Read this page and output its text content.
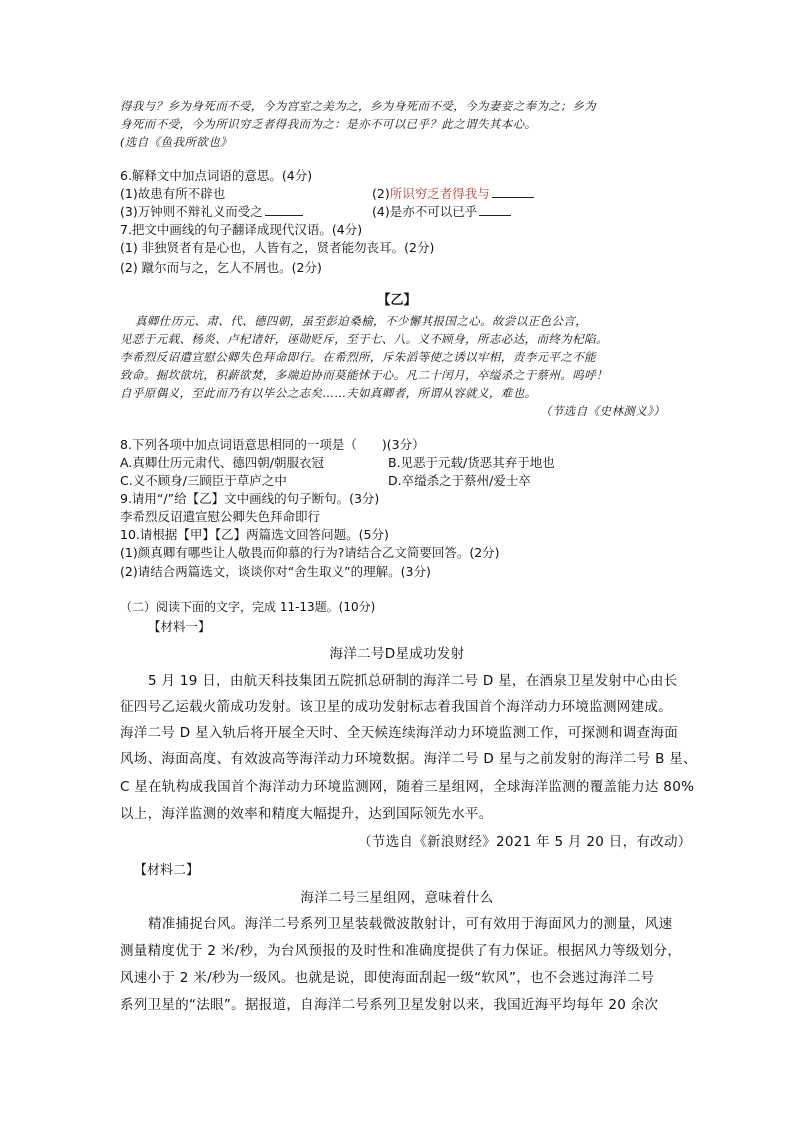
得我与？乡为身死而不受，今为宫室之美为之，乡为身死而不受，今为妻妾之奉为之；乡为
身死而不受，今为所识穷乏者得我而为之：是亦不可以已乎？此之谓失其本心。
(选自《鱼我所欲也》
6.解释文中加点词语的意思。(4分)
(1)故患有所不辟也	(2)所识穷乏者得我与
(3)万钟则不辩礼义而受之	(4)是亦不可以已乎
7.把文中画线的句子翻译成现代汉语。(4分)
(1) 非独贤者有是心也，人皆有之，贤者能勿丧耳。(2分)
(2) 蹴尔而与之，乞人不屑也。(2分)
【乙】
真卿仕历元、肃、代、德四朝，虽至彭迫桑榆，不少懈其报国之心。故尝以正色公言，
见恶于元载、杨炎、卢杞诸奸，诬勋贬斥，至于七、八。义不顾身，所志必达，而终为杞陷。
李希烈反诏遣宣慰公卿失色拜命即行。在希烈所，斥朱滔等使之诱以牢相，责李元平之不能
致命。掘坎欲坑，积薪欲焚，多端迫协而莫能怵于心。凡二十闰月，卒缢杀之于蔡州。呜呼！
自乎原偶义，至此而乃有以毕公之志矣……夫如真卿者，所谓从容就义，难也。
（节选自《史林测义》）
8.下列各项中加点词语意思相同的一项是（　　)(3分）
A.真卿仕历元肃代、德四朝/朝服衣冠	B.见恶于元载/货恶其弃于地也
C.义不顾身/三顾臣于草庐之中	D.卒缢杀之于蔡州/爱士卒
9.请用“/”给【乙】文中画线的句子断句。(3分)
李希烈反诏遣宣慰公卿失色拜命即行
10.请根据【甲】【乙】两篇选文回答问题。(5分)
(1)颜真卿有哪些让人敬畏而仰慕的行为?请结合乙文简要回答。(2分)
(2)请结合两篇选文，谈谈你对“舍生取义”的理解。(3分)
（二）阅读下面的文字，完成 11-13题。(10分)
【材料一】
海洋二号D星成功发射
5 月 19 日，由航天科技集团五院抓总研制的海洋二号 D 星，在酒泉卫星发射中心由长
征四号乙运载火箭成功发射。该卫星的成功发射标志着我国首个海洋动力环境监测网建成。
海洋二号 D 星入轨后将开展全天时、全天候连续海洋动力环境监测工作，可探测和调查海面
风场、海面高度、有效波高等海洋动力环境数据。海洋二号 D 星与之前发射的海洋二号 B 星、
C 星在轨构成我国首个海洋动力环境监测网，随着三星组网，全球海洋监测的覆盖能力达 80%
以上，海洋监测的效率和精度大幅提升，达到国际领先水平。
（节选自《新浪财经》2021 年 5 月 20 日，有改动）
【材料二】
海洋二号三星组网，意味着什么
精准捕捉台风。海洋二号系列卫星装载微波散射计，可有效用于海面风力的测量，风速
测量精度优于 2 米/秒，为台风预报的及时性和准确度提供了有力保证。根据风力等级划分，
风速小于 2 米/秒为一级风。也就是说，即使海面刮起一级“软风”，也不会逃过海洋二号
系列卫星的“法眼”。据报道，自海洋二号系列卫星发射以来，我国近海平均每年 20 余次
